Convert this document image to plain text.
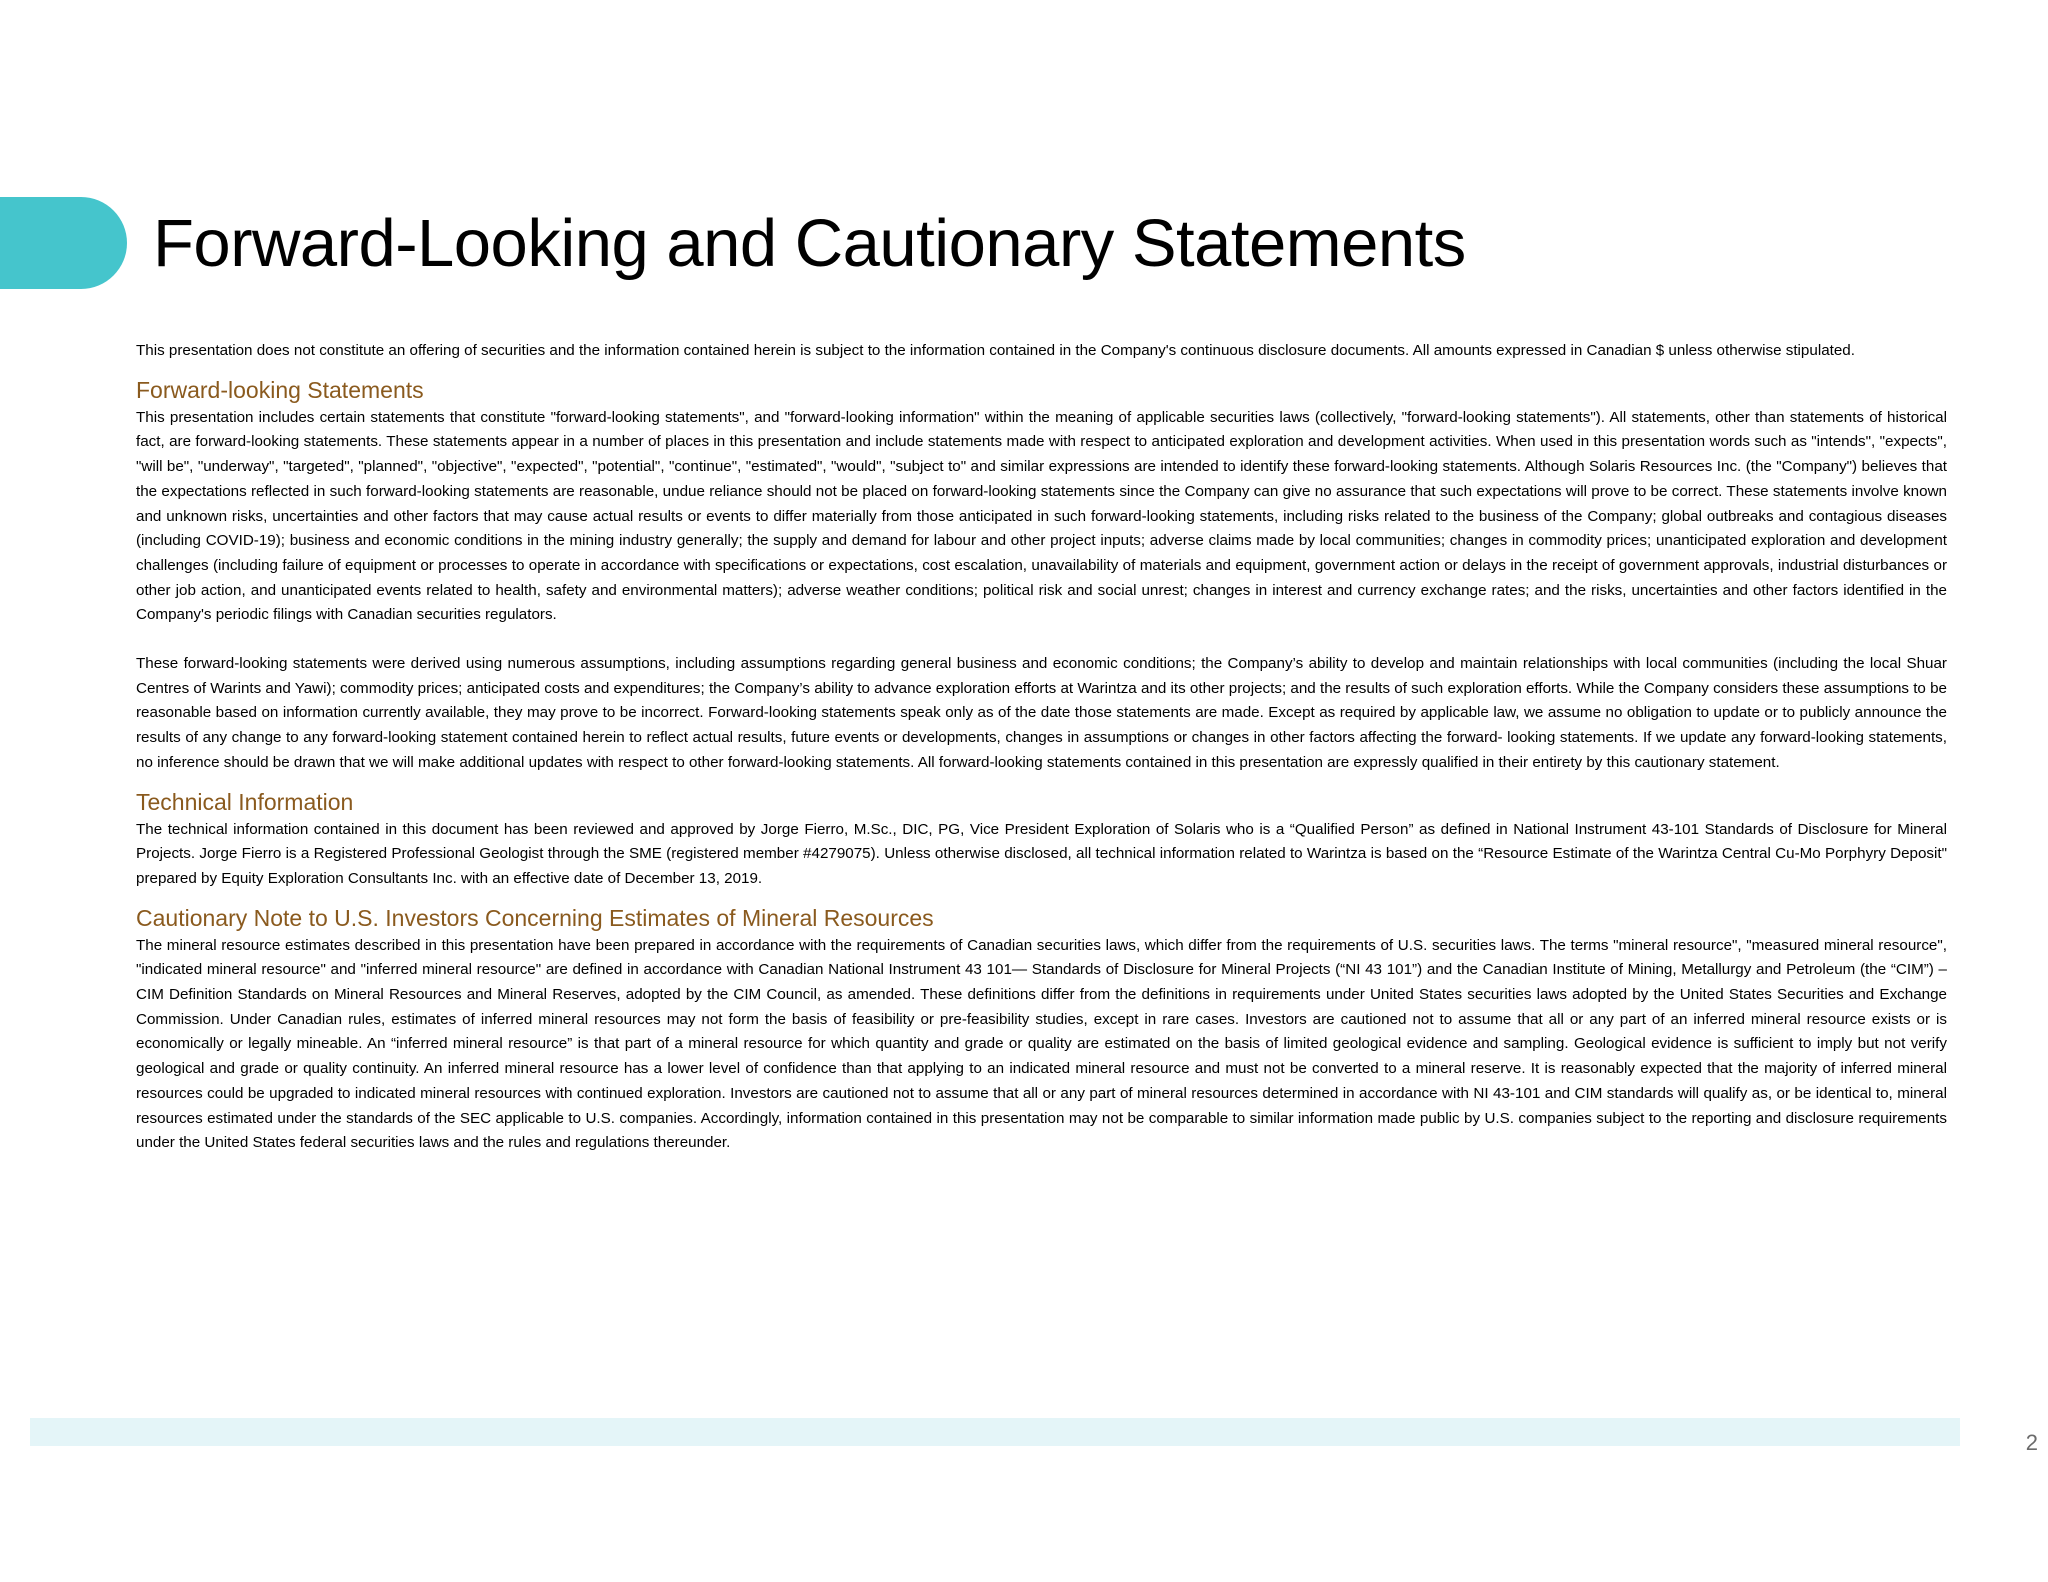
Forward-Looking and Cautionary Statements

This presentation does not constitute an offering of securities and the information contained herein is subject to the information contained in the Company's continuous disclosure documents. All amounts expressed in Canadian $ unless otherwise stipulated.

Forward-looking Statements

This presentation includes certain statements that constitute "forward-looking statements", and "forward-looking information" within the meaning of applicable securities laws (collectively, "forward-looking statements"). All statements, other than statements of historical fact, are forward-looking statements. These statements appear in a number of places in this presentation and include statements made with respect to anticipated exploration and development activities. When used in this presentation words such as "intends", "expects", "will be", "underway", "targeted", "planned", "objective", "expected", "potential", "continue", "estimated", "would", "subject to" and similar expressions are intended to identify these forward-looking statements. Although Solaris Resources Inc. (the "Company") believes that the expectations reflected in such forward-looking statements are reasonable, undue reliance should not be placed on forward-looking statements since the Company can give no assurance that such expectations will prove to be correct. These statements involve known and unknown risks, uncertainties and other factors that may cause actual results or events to differ materially from those anticipated in such forward-looking statements, including risks related to the business of the Company; global outbreaks and contagious diseases (including COVID-19); business and economic conditions in the mining industry generally; the supply and demand for labour and other project inputs; adverse claims made by local communities; changes in commodity prices; unanticipated exploration and development challenges (including failure of equipment or processes to operate in accordance with specifications or expectations, cost escalation, unavailability of materials and equipment, government action or delays in the receipt of government approvals, industrial disturbances or other job action, and unanticipated events related to health, safety and environmental matters); adverse weather conditions; political risk and social unrest; changes in interest and currency exchange rates; and the risks, uncertainties and other factors identified in the Company's periodic filings with Canadian securities regulators.

These forward-looking statements were derived using numerous assumptions, including assumptions regarding general business and economic conditions; the Company’s ability to develop and maintain relationships with local communities (including the local Shuar Centres of Warints and Yawi); commodity prices; anticipated costs and expenditures; the Company’s ability to advance exploration efforts at Warintza and its other projects; and the results of such exploration efforts. While the Company considers these assumptions to be reasonable based on information currently available, they may prove to be incorrect. Forward-looking statements speak only as of the date those statements are made. Except as required by applicable law, we assume no obligation to update or to publicly announce the results of any change to any forward-looking statement contained herein to reflect actual results, future events or developments, changes in assumptions or changes in other factors affecting the forward- looking statements. If we update any forward-looking statements, no inference should be drawn that we will make additional updates with respect to other forward-looking statements. All forward-looking statements contained in this presentation are expressly qualified in their entirety by this cautionary statement.

Technical Information

The technical information contained in this document has been reviewed and approved by Jorge Fierro, M.Sc., DIC, PG, Vice President Exploration of Solaris who is a “Qualified Person” as defined in National Instrument 43-101 Standards of Disclosure for Mineral Projects. Jorge Fierro is a Registered Professional Geologist through the SME (registered member #4279075). Unless otherwise disclosed, all technical information related to Warintza is based on the “Resource Estimate of the Warintza Central Cu-Mo Porphyry Deposit" prepared by Equity Exploration Consultants Inc. with an effective date of December 13, 2019.

Cautionary Note to U.S. Investors Concerning Estimates of Mineral Resources

The mineral resource estimates described in this presentation have been prepared in accordance with the requirements of Canadian securities laws, which differ from the requirements of U.S. securities laws. The terms "mineral resource", "measured mineral resource", "indicated mineral resource" and "inferred mineral resource" are defined in accordance with Canadian National Instrument 43 101— Standards of Disclosure for Mineral Projects (“NI 43 101”) and the Canadian Institute of Mining, Metallurgy and Petroleum (the “CIM”) – CIM Definition Standards on Mineral Resources and Mineral Reserves, adopted by the CIM Council, as amended. These definitions differ from the definitions in requirements under United States securities laws adopted by the United States Securities and Exchange Commission. Under Canadian rules, estimates of inferred mineral resources may not form the basis of feasibility or pre-feasibility studies, except in rare cases. Investors are cautioned not to assume that all or any part of an inferred mineral resource exists or is economically or legally mineable. An “inferred mineral resource” is that part of a mineral resource for which quantity and grade or quality are estimated on the basis of limited geological evidence and sampling. Geological evidence is sufficient to imply but not verify geological and grade or quality continuity. An inferred mineral resource has a lower level of confidence than that applying to an indicated mineral resource and must not be converted to a mineral reserve. It is reasonably expected that the majority of inferred mineral resources could be upgraded to indicated mineral resources with continued exploration. Investors are cautioned not to assume that all or any part of mineral resources determined in accordance with NI 43-101 and CIM standards will qualify as, or be identical to, mineral resources estimated under the standards of the SEC applicable to U.S. companies. Accordingly, information contained in this presentation may not be comparable to similar information made public by U.S. companies subject to the reporting and disclosure requirements under the United States federal securities laws and the rules and regulations thereunder.

2
